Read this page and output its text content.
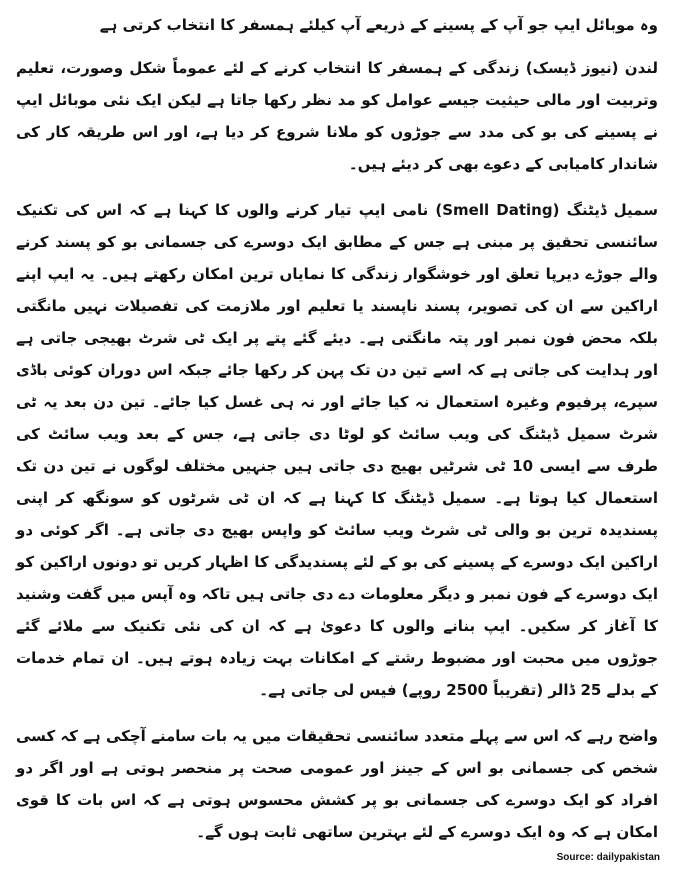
وہ موبائل ایپ جو آپ کے پسینے کے ذریعے آپ کیلئے ہمسفر کا انتخاب کرتی ہے

لندن (نیوز ڈیسک) زندگی کے ہمسفر کا انتخاب کرنے کے لئے عموماً شکل وصورت، تعلیم وتربیت اور مالی حیثیت جیسے عوامل کو مد نظر رکھا جاتا ہے لیکن ایک نئی موبائل ایپ نے پسینے کی بو کی مدد سے جوڑوں کو ملانا شروع کر دیا ہے، اور اس طریقہ کار کی شاندار کامیابی کے دعوے بھی کر دیئے ہیں۔

سمیل ڈیٹنگ (Smell Dating) نامی ایپ تیار کرنے والوں کا کہنا ہے کہ اس کی تکنیک سائنسی تحقیق پر مبنی ہے جس کے مطابق ایک دوسرے کی جسمانی بو کو پسند کرنے والے جوڑے دیرپا تعلق اور خوشگوار زندگی کا نمایاں ترین امکان رکھتے ہیں۔ یہ ایپ اپنے اراکین سے ان کی تصویر، پسند ناپسند یا تعلیم اور ملازمت کی تفصیلات نہیں مانگتی بلکہ محض فون نمبر اور پتہ مانگتی ہے۔ دیئے گئے پتے پر ایک ٹی شرٹ بھیجی جاتی ہے اور ہدایت کی جاتی ہے کہ اسے تین دن تک پہن کر رکھا جائے جبکہ اس دوران کوئی باڈی سپرے، پرفیوم وغیرہ استعمال نہ کیا جائے اور نہ ہی غسل کیا جائے۔ تین دن بعد یہ ٹی شرٹ سمیل ڈیٹنگ کی ویب سائٹ کو لوٹا دی جاتی ہے، جس کے بعد ویب سائٹ کی طرف سے ایسی 10 ٹی شرٹیں بھیج دی جاتی ہیں جنہیں مختلف لوگوں نے تین دن تک استعمال کیا ہوتا ہے۔ سمیل ڈیٹنگ کا کہنا ہے کہ ان ٹی شرٹوں کو سونگھ کر اپنی پسندیدہ ترین بو والی ٹی شرٹ ویب سائٹ کو واپس بھیج دی جاتی ہے۔ اگر کوئی دو اراکین ایک دوسرے کے پسینے کی بو کے لئے پسندیدگی کا اظہار کریں تو دونوں اراکین کو ایک دوسرے کے فون نمبر و دیگر معلومات دے دی جاتی ہیں تاکہ وہ آپس میں گفت وشنید کا آغاز کر سکیں۔ ایپ بنانے والوں کا دعویٰ ہے کہ ان کی نئی تکنیک سے ملائے گئے جوڑوں میں محبت اور مضبوط رشتے کے امکانات بہت زیادہ ہوتے ہیں۔ ان تمام خدمات کے بدلے 25 ڈالر (تقریباً 2500 روپے) فیس لی جاتی ہے۔

واضح رہے کہ اس سے پہلے متعدد سائنسی تحقیقات میں یہ بات سامنے آچکی ہے کہ کسی شخص کی جسمانی بو اس کے جینز اور عمومی صحت پر منحصر ہوتی ہے اور اگر دو افراد کو ایک دوسرے کی جسمانی بو پر کشش محسوس ہوتی ہے کہ اس بات کا قوی امکان ہے کہ وہ ایک دوسرے کے لئے بہترین ساتھی ثابت ہوں گے۔

Source: dailypakistan
